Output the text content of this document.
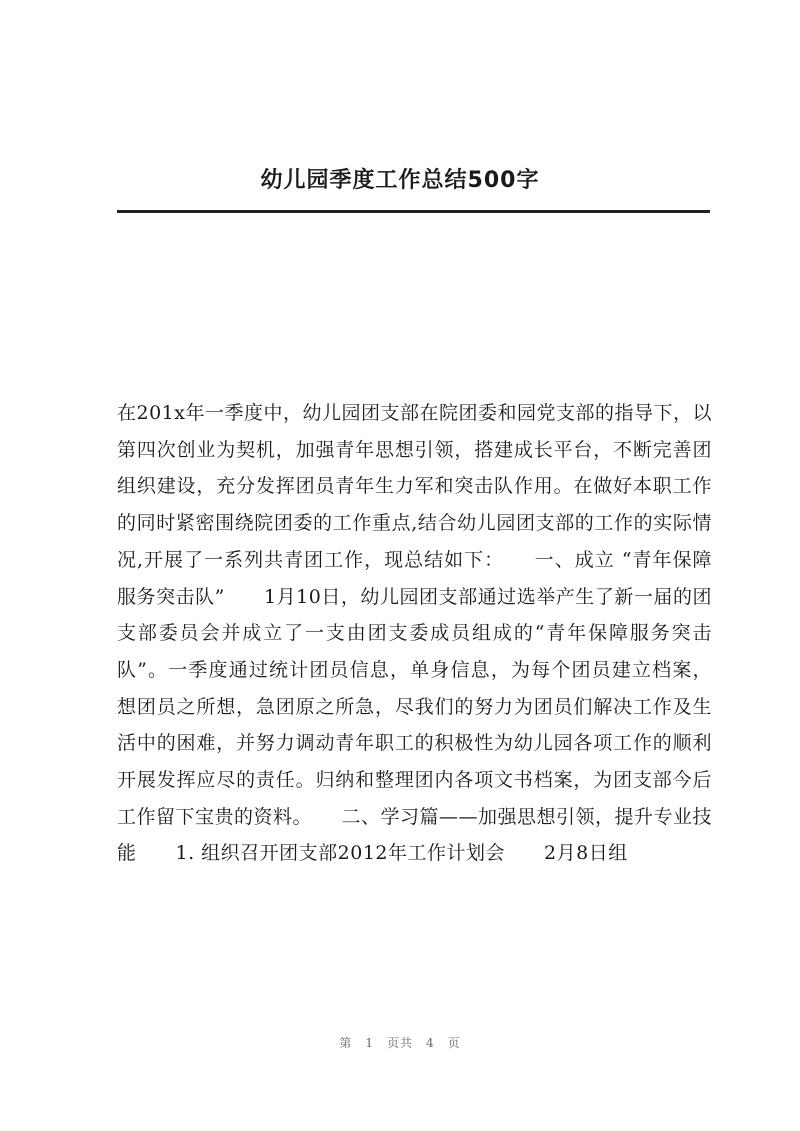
幼儿园季度工作总结500字

在201x年一季度中，幼儿园团支部在院团委和园党支部的指导下，以第四次创业为契机，加强青年思想引领，搭建成长平台，不断完善团组织建设，充分发挥团员青年生力军和突击队作用。在做好本职工作的同时紧密围绕院团委的工作重点,结合幼儿园团支部的工作的实际情况,开展了一系列共青团工作，现总结如下：　　一、成立 “青年保障服务突击队”　　1月10日，幼儿园团支部通过选举产生了新一届的团支部委员会并成立了一支由团支委成员组成的“青年保障服务突击队”。一季度通过统计团员信息，单身信息，为每个团员建立档案，想团员之所想，急团原之所急，尽我们的努力为团员们解决工作及生活中的困难，并努力调动青年职工的积极性为幼儿园各项工作的顺利开展发挥应尽的责任。归纳和整理团内各项文书档案，为团支部今后工作留下宝贵的资料。　　二、学习篇——加强思想引领，提升专业技能　　1. 组织召开团支部2012年工作计划会　　2月8日组

第　1　页共　4　页
